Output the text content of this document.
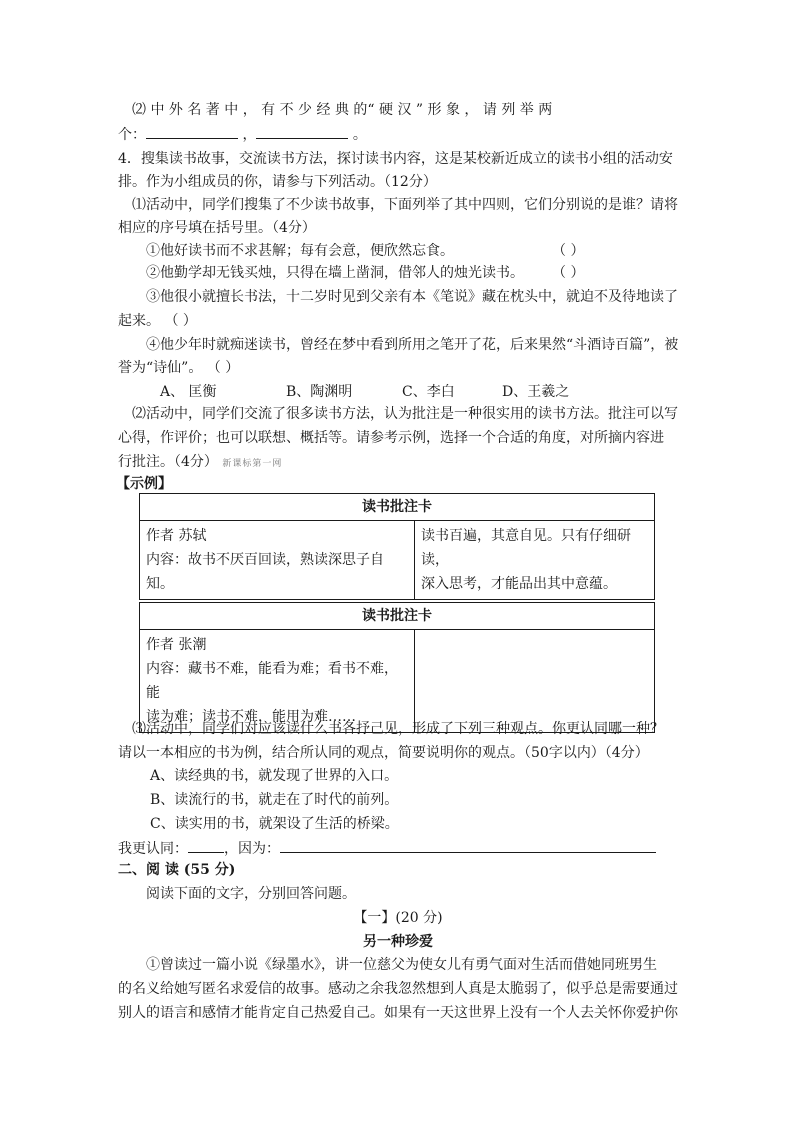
⑵ 中 外 名 著 中 ， 有 不 少 经 典 的“ 硬 汉 ” 形 象 ， 请 列 举 两
个：	，	。
4．搜集读书故事，交流读书方法，探讨读书内容，这是某校新近成立的读书小组的活动安
排。作为小组成员的你，请参与下列活动。（12分）
⑴活动中，同学们搜集了不少读书故事，下面列举了其中四则，它们分别说的是谁？请将
相应的序号填在括号里。（4分）
①他好读书而不求甚解；每有会意，便欣然忘食。	（ ）
②他勤学却无钱买烛，只得在墙上凿洞，借邻人的烛光读书。 （ ）
③他很小就擅长书法，十二岁时见到父亲有本《笔说》藏在枕头中，就迫不及待地读了
起来。 （ ）
④他少年时就痴迷读书，曾经在梦中看到所用之笔开了花，后来果然“斗酒诗百篇”，被
誉为“诗仙”。 （ ）
A、 匡衡	B、陶渊明	C、李白	D、王羲之
⑵活动中，同学们交流了很多读书方法，认为批注是一种很实用的读书方法。批注可以写
心得，作评价；也可以联想、概括等。请参考示例，选择一个合适的角度，对所摘内容进
行批注。（4分） 新课标第一网
【示例】
读书批注卡

作者 苏轼
内容：故书不厌百回读，熟读深思子自知。

读书百遍，其意自见。只有仔细研读，
深入思考，才能品出其中意蕴。
读书批注卡

作者 张潮
内容：藏书不难，能看为难；看书不难，能
读为难；读书不难，能用为难……

⑶活动中，同学们对应该读什么书各抒己见，形成了下列三种观点。你更认同哪一种？
请以一本相应的书为例，结合所认同的观点，简要说明你的观点。（50字以内）（4分）
A、读经典的书，就发现了世界的入口。
B、读流行的书，就走在了时代的前列。
C、读实用的书，就架设了生活的桥梁。
我更认同：	，因为：
二、阅 读 (55 分)
阅读下面的文字，分别回答问题。
【一】(20 分)
另一种珍爱
①曾读过一篇小说《绿墨水》，讲一位慈父为使女儿有勇气面对生活而借她同班男生
的名义给她写匿名求爱信的故事。感动之余我忽然想到人真是太脆弱了，似乎总是需要通过
别人的语言和感情才能肯定自己热爱自己。如果有一天这世界上没有一个人去关怀你爱护你
